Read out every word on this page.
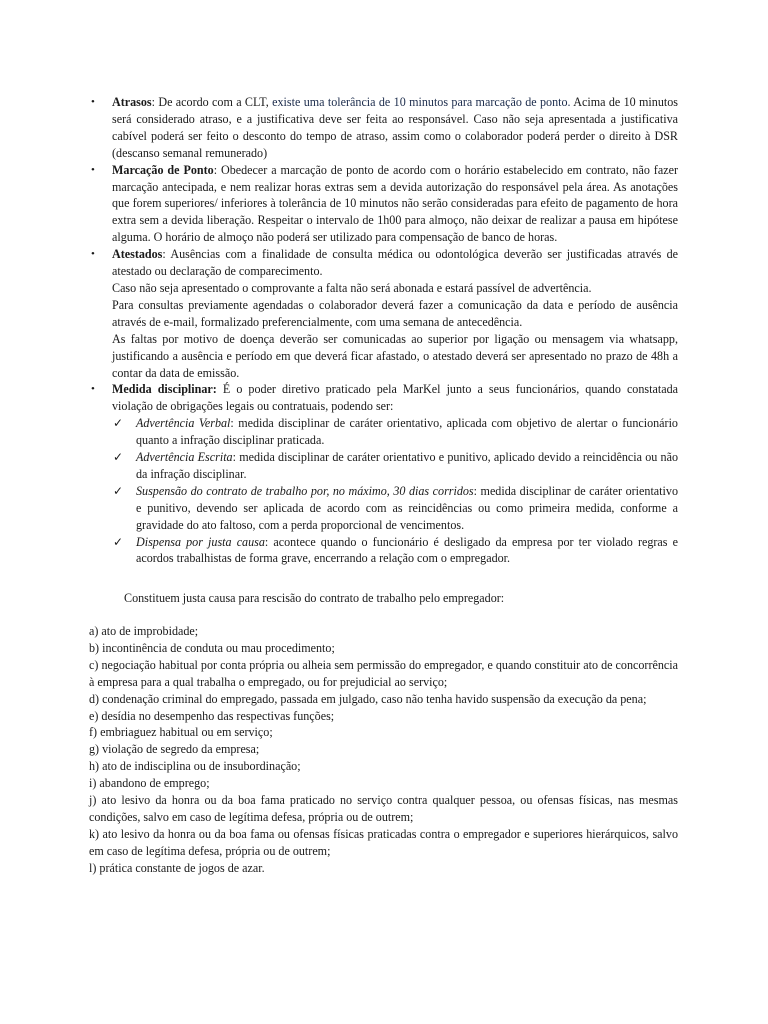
• Atrasos: De acordo com a CLT, existe uma tolerância de 10 minutos para marcação de ponto. Acima de 10 minutos será considerado atraso, e a justificativa deve ser feita ao responsável. Caso não seja apresentada a justificativa cabível poderá ser feito o desconto do tempo de atraso, assim como o colaborador poderá perder o direito à DSR (descanso semanal remunerado)
• Marcação de Ponto: Obedecer a marcação de ponto de acordo com o horário estabelecido em contrato, não fazer marcação antecipada, e nem realizar horas extras sem a devida autorização do responsável pela área. As anotações que forem superiores/ inferiores à tolerância de 10 minutos não serão consideradas para efeito de pagamento de hora extra sem a devida liberação. Respeitar o intervalo de 1h00 para almoço, não deixar de realizar a pausa em hipótese alguma. O horário de almoço não poderá ser utilizado para compensação de banco de horas.
• Atestados: Ausências com a finalidade de consulta médica ou odontológica deverão ser justificadas através de atestado ou declaração de comparecimento.
Caso não seja apresentado o comprovante a falta não será abonada e estará passível de advertência.
Para consultas previamente agendadas o colaborador deverá fazer a comunicação da data e período de ausência através de e-mail, formalizado preferencialmente, com uma semana de antecedência.
As faltas por motivo de doença deverão ser comunicadas ao superior por ligação ou mensagem via whatsapp, justificando a ausência e período em que deverá ficar afastado, o atestado deverá ser apresentado no prazo de 48h a contar da data de emissão.
• Medida disciplinar: É o poder diretivo praticado pela MarKel junto a seus funcionários, quando constatada violação de obrigações legais ou contratuais, podendo ser:
✓ Advertência Verbal: medida disciplinar de caráter orientativo, aplicada com objetivo de alertar o funcionário quanto a infração disciplinar praticada.
✓ Advertência Escrita: medida disciplinar de caráter orientativo e punitivo, aplicado devido a reincidência ou não da infração disciplinar.
✓ Suspensão do contrato de trabalho por, no máximo, 30 dias corridos: medida disciplinar de caráter orientativo e punitivo, devendo ser aplicada de acordo com as reincidências ou como primeira medida, conforme a gravidade do ato faltoso, com a perda proporcional de vencimentos.
✓ Dispensa por justa causa: acontece quando o funcionário é desligado da empresa por ter violado regras e acordos trabalhistas de forma grave, encerrando a relação com o empregador.
Constituem justa causa para rescisão do contrato de trabalho pelo empregador:
a) ato de improbidade;
b) incontinência de conduta ou mau procedimento;
c) negociação habitual por conta própria ou alheia sem permissão do empregador, e quando constituir ato de concorrência à empresa para a qual trabalha o empregado, ou for prejudicial ao serviço;
d) condenação criminal do empregado, passada em julgado, caso não tenha havido suspensão da execução da pena;
e) desídia no desempenho das respectivas funções;
f) embriaguez habitual ou em serviço;
g) violação de segredo da empresa;
h) ato de indisciplina ou de insubordinação;
i) abandono de emprego;
j) ato lesivo da honra ou da boa fama praticado no serviço contra qualquer pessoa, ou ofensas físicas, nas mesmas condições, salvo em caso de legítima defesa, própria ou de outrem;
k) ato lesivo da honra ou da boa fama ou ofensas físicas praticadas contra o empregador e superiores hierárquicos, salvo em caso de legítima defesa, própria ou de outrem;
l) prática constante de jogos de azar.
